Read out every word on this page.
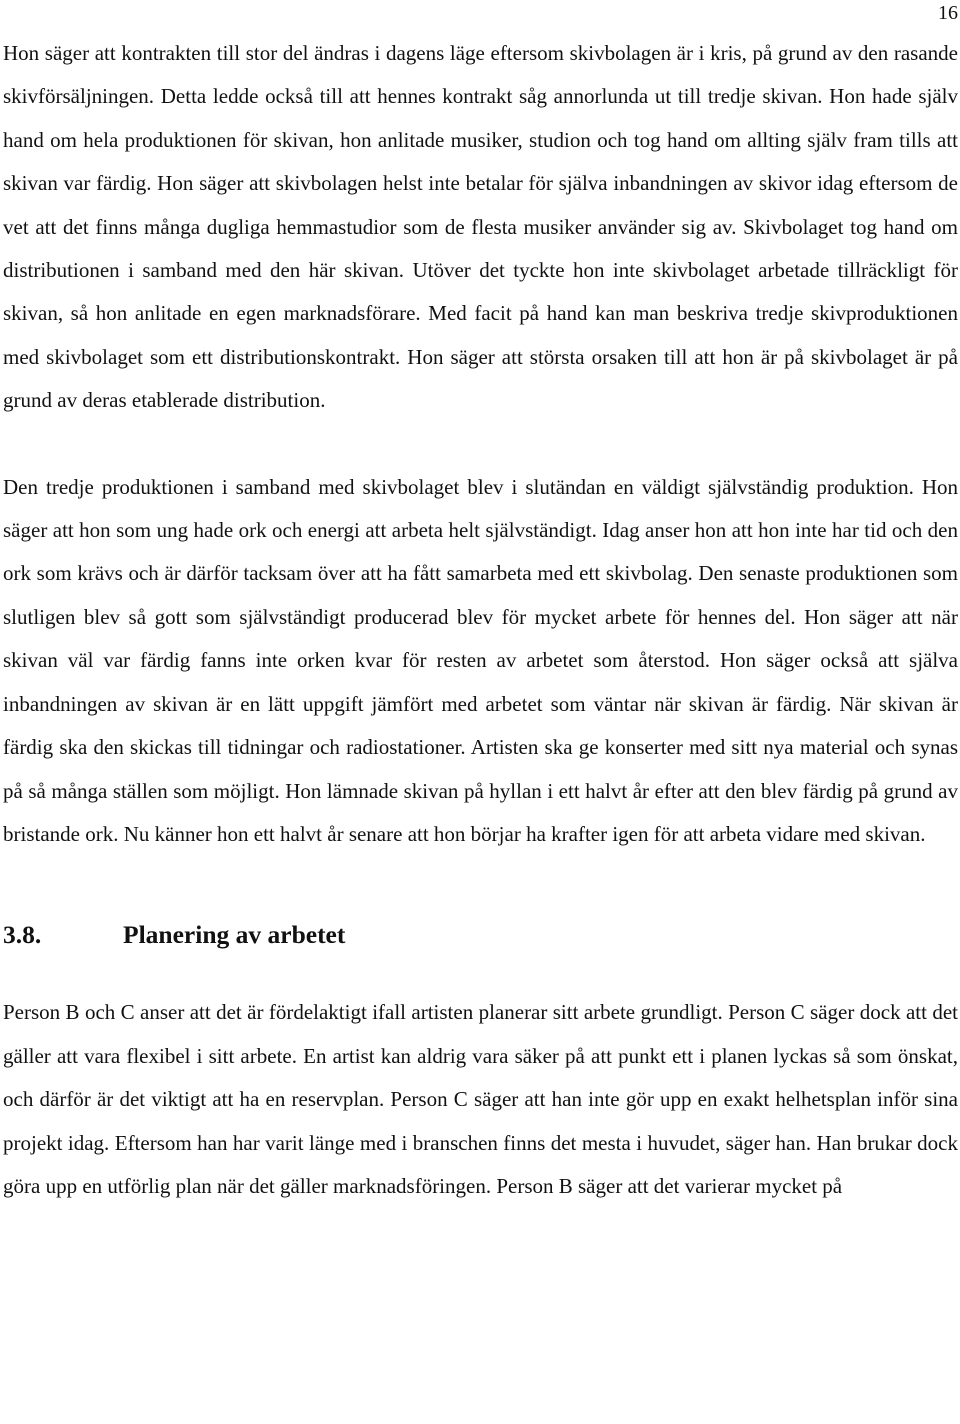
16

Hon säger att kontrakten till stor del ändras i dagens läge eftersom skivbolagen är i kris, på grund av den rasande skivförsäljningen. Detta ledde också till att hennes kontrakt såg annorlunda ut till tredje skivan. Hon hade själv hand om hela produktionen för skivan, hon anlitade musiker, studion och tog hand om allting själv fram tills att skivan var färdig. Hon säger att skivbolagen helst inte betalar för själva inbandningen av skivor idag eftersom de vet att det finns många dugliga hemmastudior som de flesta musiker använder sig av. Skivbolaget tog hand om distributionen i samband med den här skivan. Utöver det tyckte hon inte skivbolaget arbetade tillräckligt för skivan, så hon anlitade en egen marknadsförare. Med facit på hand kan man beskriva tredje skivproduktionen med skivbolaget som ett distributionskontrakt. Hon säger att största orsaken till att hon är på skivbolaget är på grund av deras etablerade distribution.

Den tredje produktionen i samband med skivbolaget blev i slutändan en väldigt självständig produktion. Hon säger att hon som ung hade ork och energi att arbeta helt självständigt. Idag anser hon att hon inte har tid och den ork som krävs och är därför tacksam över att ha fått samarbeta med ett skivbolag. Den senaste produktionen som slutligen blev så gott som självständigt producerad blev för mycket arbete för hennes del. Hon säger att när skivan väl var färdig fanns inte orken kvar för resten av arbetet som återstod. Hon säger också att själva inbandningen av skivan är en lätt uppgift jämfört med arbetet som väntar när skivan är färdig. När skivan är färdig ska den skickas till tidningar och radiostationer. Artisten ska ge konserter med sitt nya material och synas på så många ställen som möjligt. Hon lämnade skivan på hyllan i ett halvt år efter att den blev färdig på grund av bristande ork. Nu känner hon ett halvt år senare att hon börjar ha krafter igen för att arbeta vidare med skivan.

3.8.	Planering av arbetet

Person B och C anser att det är fördelaktigt ifall artisten planerar sitt arbete grundligt. Person C säger dock att det gäller att vara flexibel i sitt arbete. En artist kan aldrig vara säker på att punkt ett i planen lyckas så som önskat, och därför är det viktigt att ha en reservplan. Person C säger att han inte gör upp en exakt helhetsplan inför sina projekt idag. Eftersom han har varit länge med i branschen finns det mesta i huvudet, säger han. Han brukar dock göra upp en utförlig plan när det gäller marknadsföringen. Person B säger att det varierar mycket på
